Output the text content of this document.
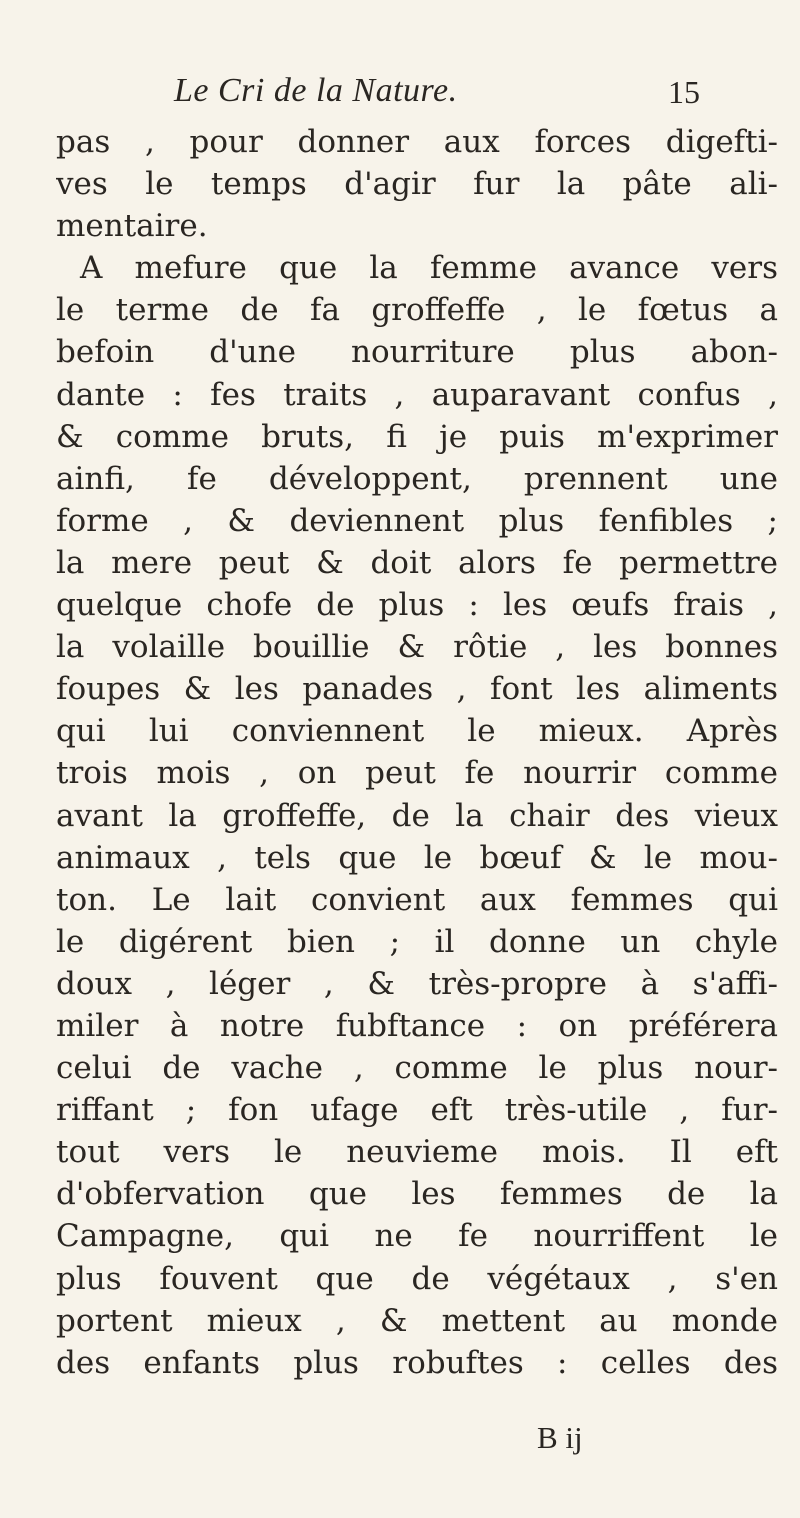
Le Cri de la Nature.	15
pas , pour donner aux forces digefti-
ves le temps d'agir fur la pâte ali-
mentaire.
A mefure que la femme avance vers
le terme de fa groffeffe , le fœtus a
befoin d'une nourriture plus abon-
dante : fes traits , auparavant confus ,
& comme bruts, fi je puis m'exprimer
ainfi, fe développent, prennent une
forme , & deviennent plus fenfibles ;
la mere peut & doit alors fe permettre
quelque chofe de plus : les œufs frais ,
la volaille bouillie & rôtie , les bonnes
foupes & les panades , font les aliments
qui lui conviennent le mieux. Après
trois mois , on peut fe nourrir comme
avant la groffeffe, de la chair des vieux
animaux , tels que le bœuf & le mou-
ton. Le lait convient aux femmes qui
le digérent bien ; il donne un chyle
doux , léger , & très-propre à s'affi-
miler à notre fubftance : on préférera
celui de vache , comme le plus nour-
riffant ; fon ufage eft très-utile , fur-
tout vers le neuvieme mois. Il eft
d'obfervation que les femmes de la
Campagne, qui ne fe nourriffent le
plus fouvent que de végétaux , s'en
portent mieux , & mettent au monde
des enfants plus robuftes : celles des
B ij
